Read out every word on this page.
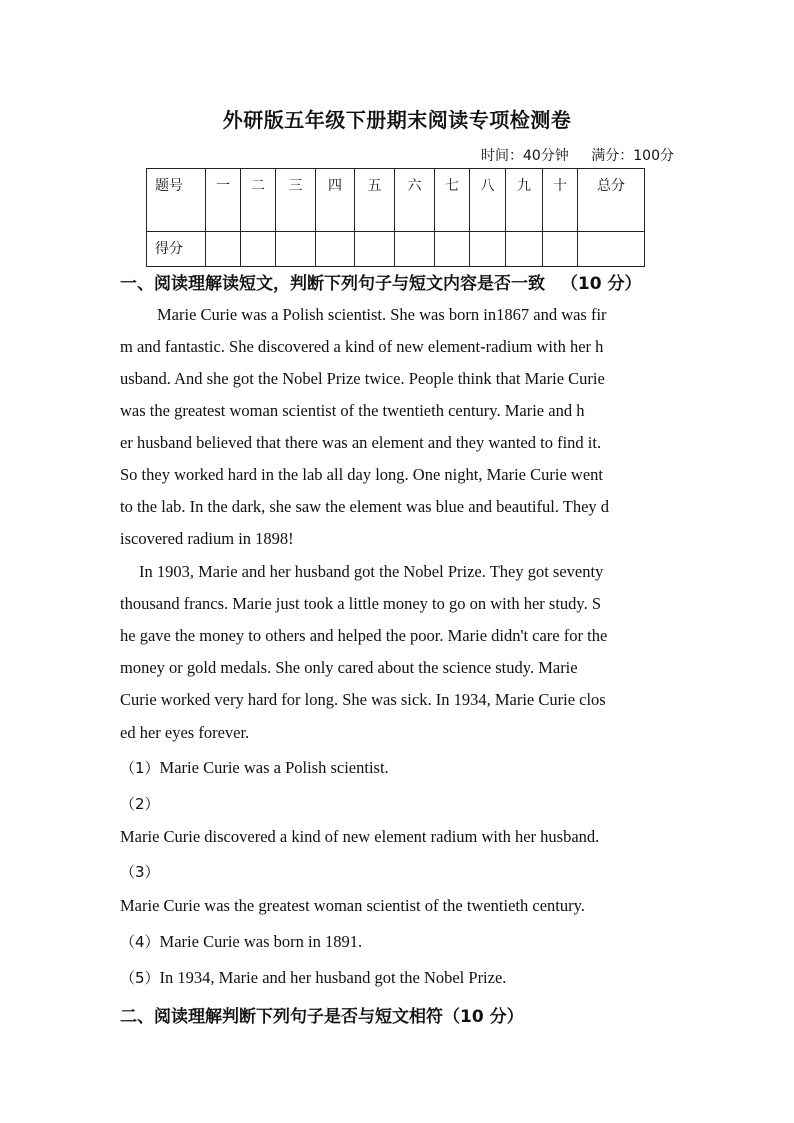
外研版五年级下册期末阅读专项检测卷
时间：40分钟 满分：100分
题号	一	二	三	四	五	六	七	八	九	十	总分
得分											
一、阅读理解读短文，判断下列句子与短文内容是否一致 （10 分）
Marie Curie was a Polish scientist. She was born in1867 and was fir
m and fantastic. She discovered a kind of new element-radium with her h
usband. And she got the Nobel Prize twice. People think that Marie Curie
was the greatest woman scientist of the twentieth century. Marie and h
er husband believed that there was an element and they wanted to find it.
So they worked hard in the lab all day long. One night, Marie Curie went
to the lab. In the dark, she saw the element was blue and beautiful. They d
iscovered radium in 1898!
In 1903, Marie and her husband got the Nobel Prize. They got seventy
thousand francs. Marie just took a little money to go on with her study. S
he gave the money to others and helped the poor. Marie didn't care for the
money or gold medals. She only cared about the science study. Marie
Curie worked very hard for long. She was sick. In 1934, Marie Curie clos
ed her eyes forever.
（1）Marie Curie was a Polish scientist.
（2）
Marie Curie discovered a kind of new element radium with her husband.
（3）
Marie Curie was the greatest woman scientist of the twentieth century.
（4）Marie Curie was born in 1891.
（5）In 1934, Marie and her husband got the Nobel Prize.
二、阅读理解判断下列句子是否与短文相符（10 分）
